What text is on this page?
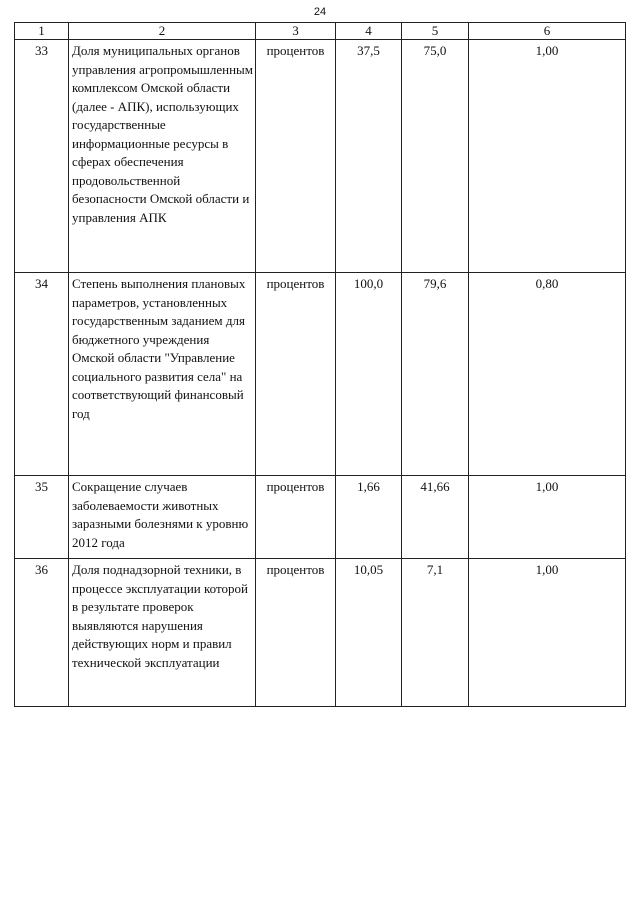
24
1	2	3	4	5	6
33	Доля муниципальных органов управления агропромышленным комплексом Омской области (далее - АПК), использующих государственные информационные ресурсы в сферах обеспечения продовольственной безопасности Омской области и управления АПК	процентов	37,5	75,0	1,00
34	Степень выполнения плановых параметров, установленных государственным заданием для бюджетного учреждения Омской области "Управление социального развития села" на соответствующий финансовый год	процентов	100,0	79,6	0,80
35	Сокращение случаев заболеваемости животных заразными болезнями к уровню 2012 года	процентов	1,66	41,66	1,00
36	Доля поднадзорной техники, в процессе эксплуатации которой в результате проверок выявляются нарушения действующих норм и правил технической эксплуатации	процентов	10,05	7,1	1,00
